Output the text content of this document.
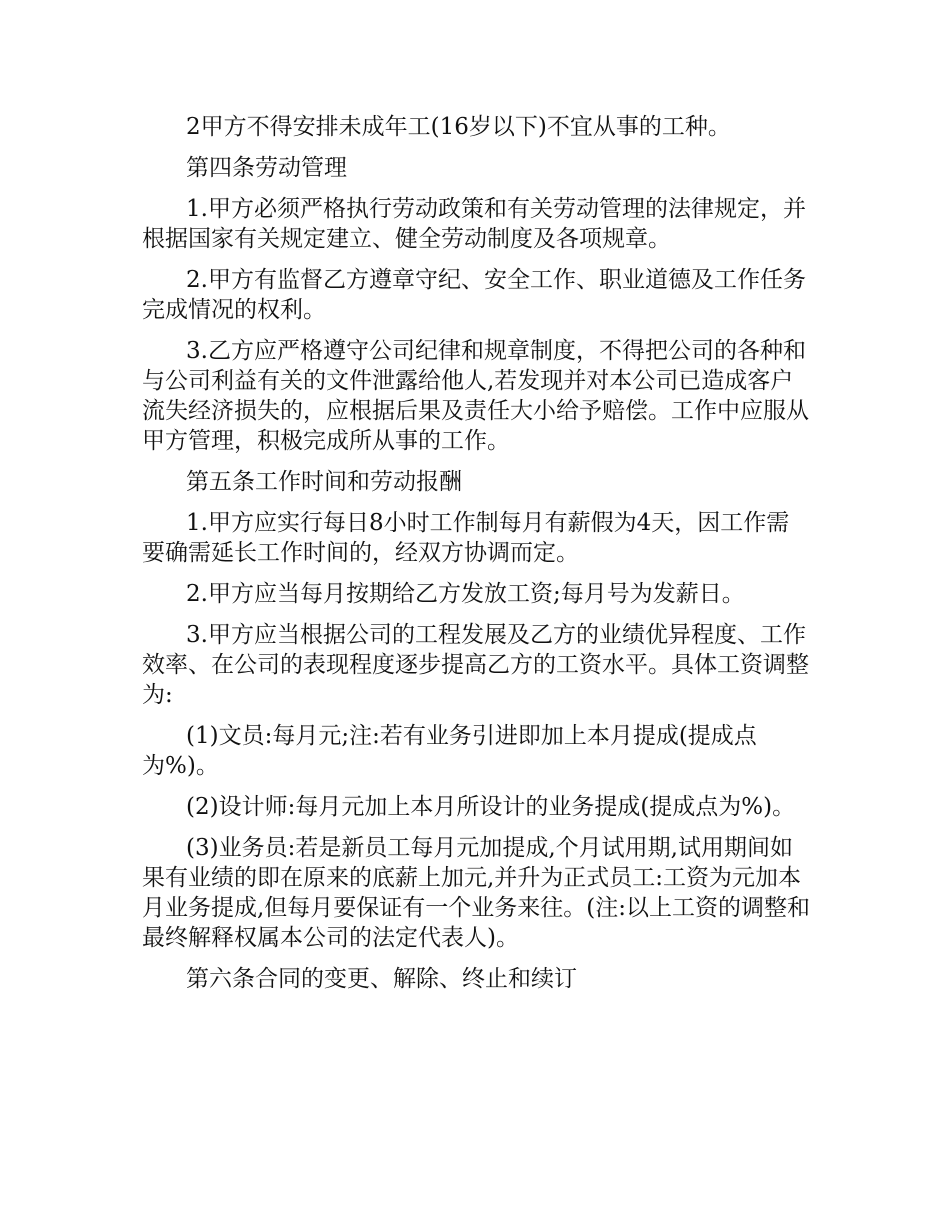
2甲方不得安排未成年工(16岁以下)不宜从事的工种。

第四条劳动管理

1.甲方必须严格执行劳动政策和有关劳动管理的法律规定，并根据国家有关规定建立、健全劳动制度及各项规章。

2.甲方有监督乙方遵章守纪、安全工作、职业道德及工作任务完成情况的权利。

3.乙方应严格遵守公司纪律和规章制度，不得把公司的各种和与公司利益有关的文件泄露给他人,若发现并对本公司已造成客户流失经济损失的，应根据后果及责任大小给予赔偿。工作中应服从甲方管理，积极完成所从事的工作。

第五条工作时间和劳动报酬

1.甲方应实行每日8小时工作制每月有薪假为4天，因工作需要确需延长工作时间的，经双方协调而定。

2.甲方应当每月按期给乙方发放工资;每月号为发薪日。

3.甲方应当根据公司的工程发展及乙方的业绩优异程度、工作效率、在公司的表现程度逐步提高乙方的工资水平。具体工资调整为:

(1)文员:每月元;注:若有业务引进即加上本月提成(提成点为%)。

(2)设计师:每月元加上本月所设计的业务提成(提成点为%)。

(3)业务员:若是新员工每月元加提成,个月试用期,试用期间如果有业绩的即在原来的底薪上加元,并升为正式员工:工资为元加本月业务提成,但每月要保证有一个业务来往。(注:以上工资的调整和最终解释权属本公司的法定代表人)。

第六条合同的变更、解除、终止和续订
